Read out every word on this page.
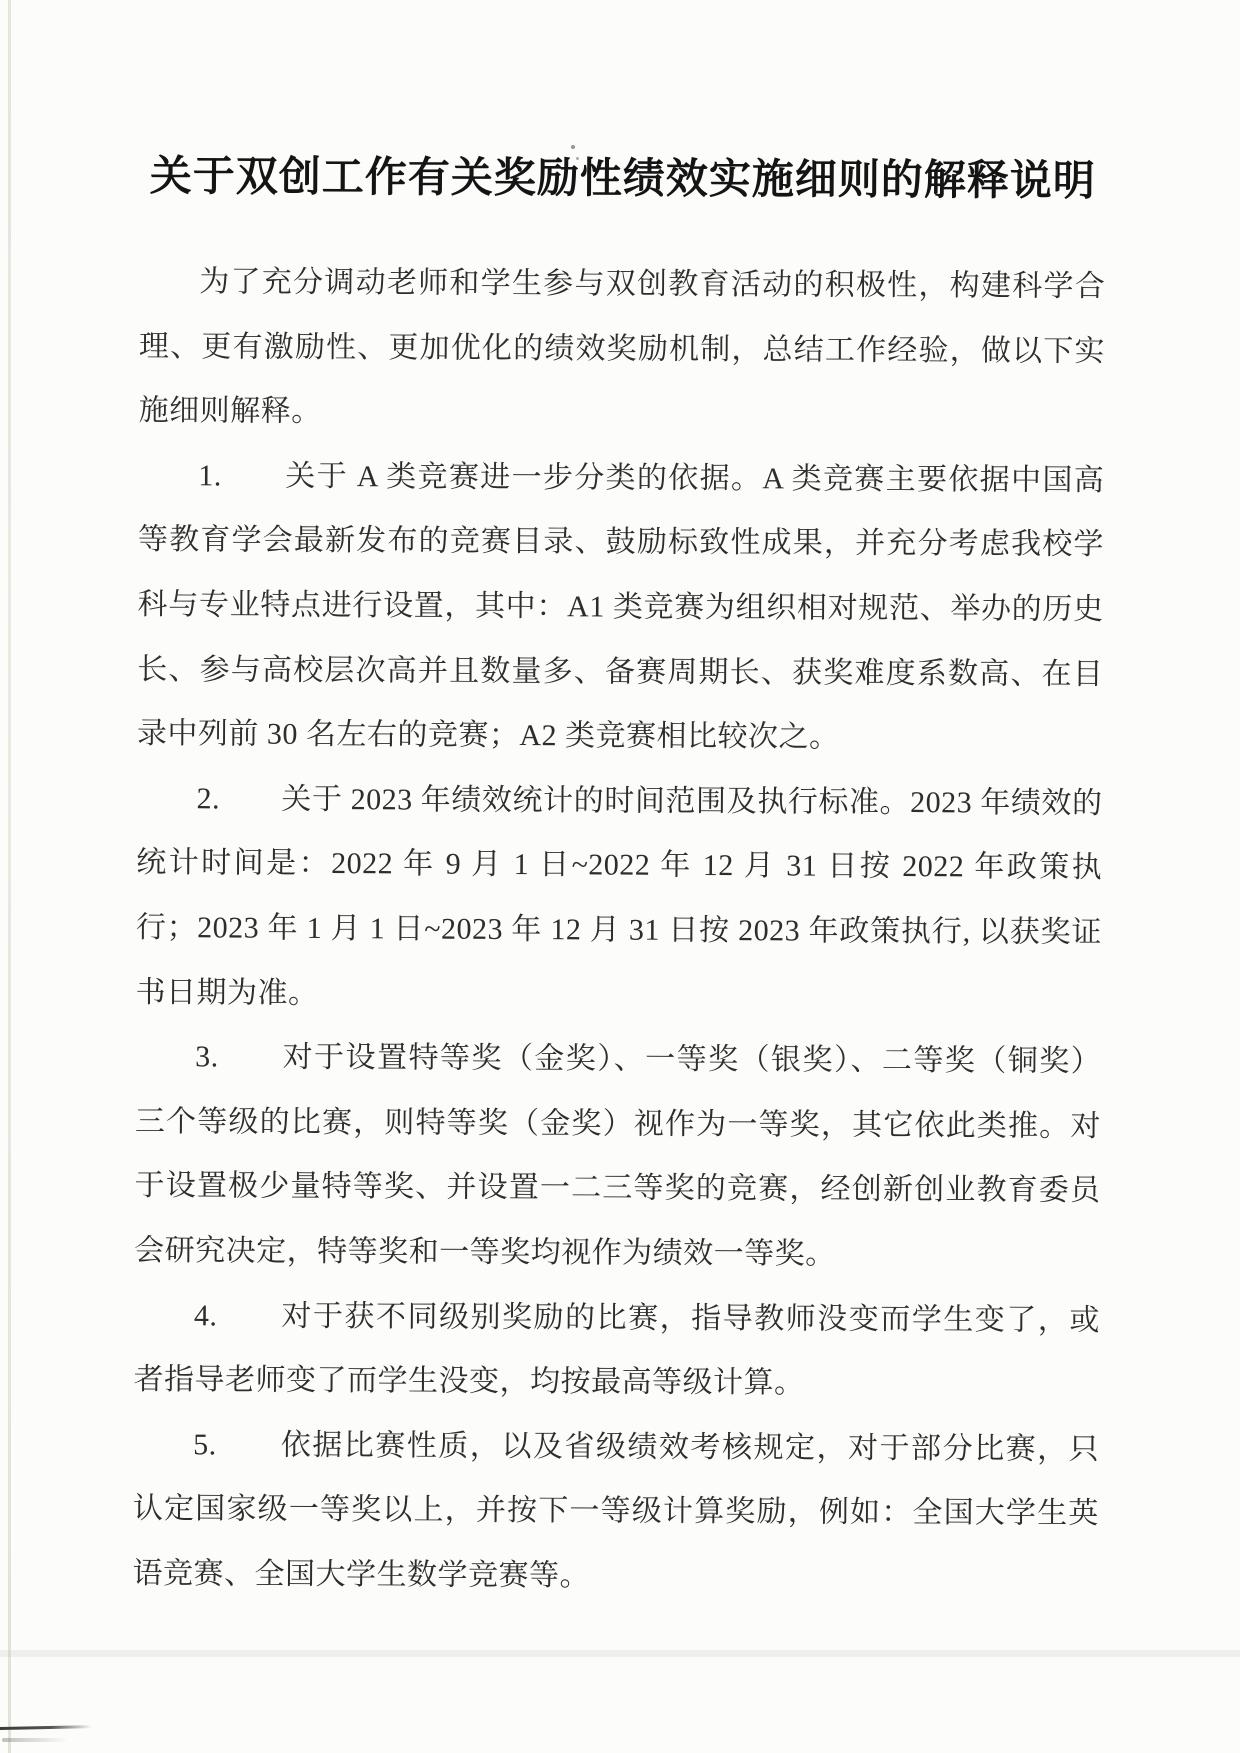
关于双创工作有关奖励性绩效实施细则的解释说明

为了充分调动老师和学生参与双创教育活动的积极性，构建科学合理、更有激励性、更加优化的绩效奖励机制，总结工作经验，做以下实施细则解释。

1.　　关于 A 类竞赛进一步分类的依据。A 类竞赛主要依据中国高等教育学会最新发布的竞赛目录、鼓励标致性成果，并充分考虑我校学科与专业特点进行设置，其中：A1 类竞赛为组织相对规范、举办的历史长、参与高校层次高并且数量多、备赛周期长、获奖难度系数高、在目录中列前 30 名左右的竞赛；A2 类竞赛相比较次之。

2.　　关于 2023 年绩效统计的时间范围及执行标准。2023 年绩效的统计时间是：2022 年 9 月 1 日~2022 年 12 月 31 日按 2022 年政策执行；2023 年 1 月 1 日~2023 年 12 月 31 日按 2023 年政策执行, 以获奖证书日期为准。

3.　　对于设置特等奖（金奖）、一等奖（银奖）、二等奖（铜奖）三个等级的比赛，则特等奖（金奖）视作为一等奖，其它依此类推。对于设置极少量特等奖、并设置一二三等奖的竞赛，经创新创业教育委员会研究决定，特等奖和一等奖均视作为绩效一等奖。

4.　　对于获不同级别奖励的比赛，指导教师没变而学生变了，或者指导老师变了而学生没变，均按最高等级计算。

5.　　依据比赛性质，以及省级绩效考核规定，对于部分比赛，只认定国家级一等奖以上，并按下一等级计算奖励，例如：全国大学生英语竞赛、全国大学生数学竞赛等。
